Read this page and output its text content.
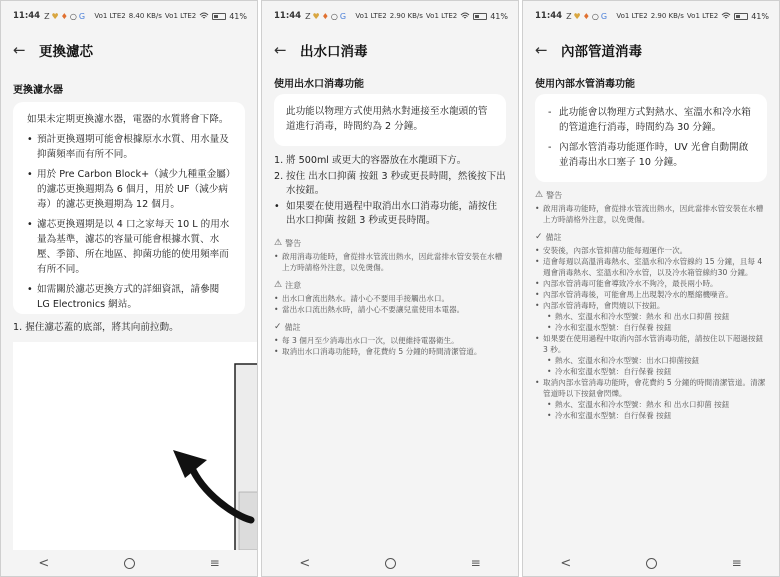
11:44 Z ♥ ♦ ○ G Vo1 LTE2 8.40 KB/s Vo1 LTE2	41%
← 更換濾芯
更換濾水器
如果未定期更換濾水器，電器的水質將會下降。
• 預計更換週期可能會根據原水水質、用水量及抑菌頻率而有所不同。
• 用於 Pre Carbon Block+（減少九種重金屬）的濾芯更換週期為 6 個月，用於 UF（減少病毒）的濾芯更換週期為 12 個月。
• 濾芯更換週期是以 4 口之家每天 10 L 的用水量為基準，濾芯的容量可能會根據水質、水壓、季節、所在地區、抑菌功能的使用頻率而有所不同。
• 如需關於濾芯更換方式的詳細資訊，請參閱 LG Electronics 網站。
1. 握住濾芯蓋的底部，將其向前拉動。
<	≡
11:44 Z ♥ ♦ ○ G Vo1 LTE2 2.90 KB/s Vo1 LTE2	41%
← 出水口消毒
使用出水口消毒功能
此功能以物理方式使用熱水對連接至水龍頭的管道進行消毒，時間約為 2 分鐘。
1. 將 500ml 或更大的容器放在水龍頭下方。
2. 按住 出水口抑菌 按鈕 3 秒或更長時間，然後按下出水按鈕。
• 如果要在使用過程中取消出水口消毒功能，請按住出水口抑菌 按鈕 3 秒或更長時間。
⚠ 警告
• 啟用消毒功能時，會從排水管流出熱水，因此當排水管安裝在水槽上方時請格外注意，以免燙傷。
⚠ 注意
• 出水口會流出熱水。請小心不要用手接觸出水口。
• 當出水口流出熱水時，請小心不要讓兒童使用本電器。
✓ 備註
• 每 3 個月至少消毒出水口一次，以便維持電器衛生。
• 取消出水口消毒功能時，會花費約 5 分鐘的時間清潔管道。
<	≡
11:44 Z ♥ ♦ ○ G Vo1 LTE2 2.90 KB/s Vo1 LTE2	41%
← 內部管道消毒
使用內部水管消毒功能
- 此功能會以物理方式對熱水、室溫水和冷水箱的管道進行消毒，時間約為 30 分鐘。
- 內部水管消毒功能運作時，UV 光會自動開啟並消毒出水口塞子 10 分鐘。
⚠ 警告
• 啟用消毒功能時，會從排水管流出熱水，因此當排水管安裝在水槽上方時請格外注意，以免燙傷。
✓ 備註
• 安裝後，內部水管抑菌功能每週運作一次。
• 這會每週以高溫消毒熱水、室溫水和冷水管線約 15 分鐘，且每 4 週會消毒熱水、室溫水和冷水管，以及冷水箱管線約30 分鐘。
• 內部水管消毒可能會導致冷水不夠冷，最長兩小時。
• 內部水管消毒後，可能會馬上出現製冷水的壓縮機噪音。
• 內部水管消毒時，會閃燒以下按鈕。
• 熱水、室溫水和冷水型號：熱水 和 出水口抑菌 按鈕
• 冷水和室溫水型號：自行保養 按鈕
• 如果要在使用過程中取消內部水管消毒功能，請按住以下超過按鈕 3 秒。
• 熱水、室溫水和冷水型號：出水口抑菌按鈕
• 冷水和室溫水型號：自行保養 按鈕
• 取消內部水管消毒功能時，會花費約 5 分鐘的時間清潔管道。清潔管道時以下按鈕會閃爍。
• 熱水、室溫水和冷水型號：熱水 和 出水口抑菌 按鈕
• 冷水和室溫水型號：自行保養 按鈕
<	≡
